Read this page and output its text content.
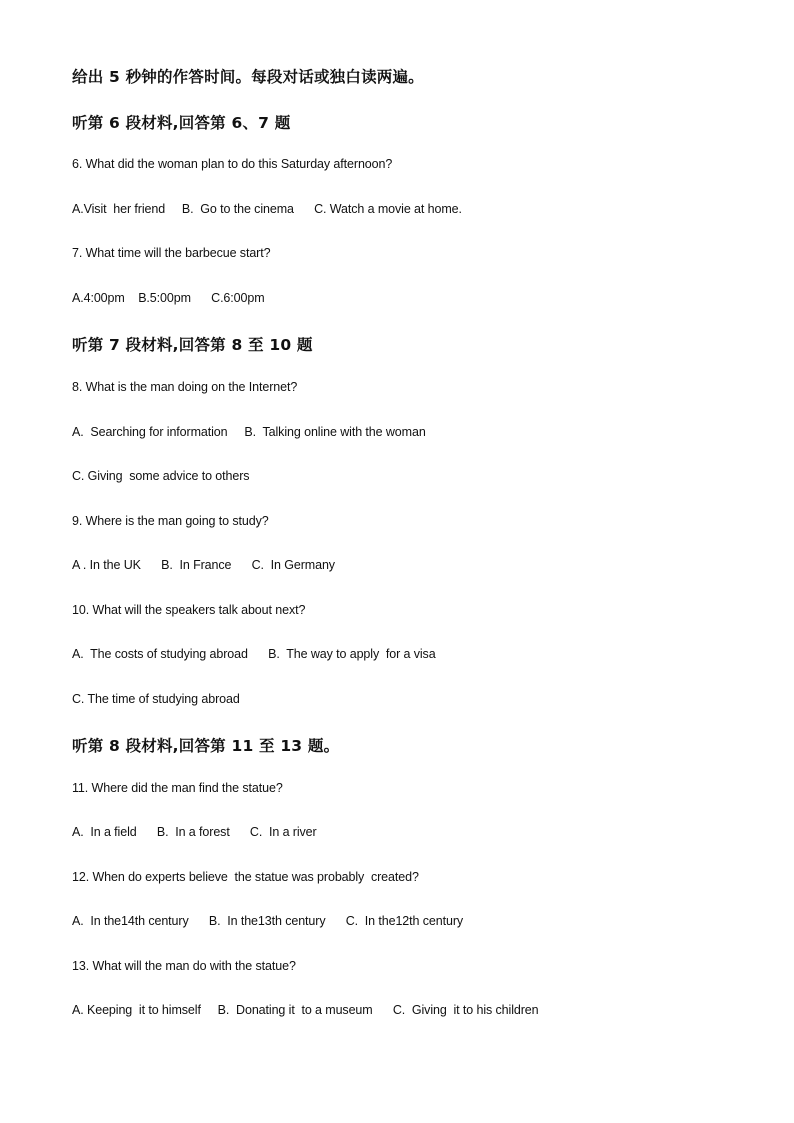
给出 5 秒钟的作答时间。每段对话或独白读两遍。
听第 6 段材料,回答第 6、7 题
6. What did the woman plan to do this Saturday afternoon?
A.Visit  her friend     B.  Go to the cinema      C. Watch a movie at home.
7. What time will the barbecue start?
A.4:00pm    B.5:00pm      C.6:00pm
听第 7 段材料,回答第 8 至 10 题
8. What is the man doing on the Internet?
A.  Searching for information     B.  Talking online with the woman
C. Giving  some advice to others
9. Where is the man going to study?
A . In the UK      B.  In France      C.  In Germany
10. What will the speakers talk about next?
A.  The costs of studying abroad      B.  The way to apply  for a visa
C. The time of studying abroad
听第 8 段材料,回答第 11 至 13 题。
11. Where did the man find the statue?
A.  In a field      B.  In a forest      C.  In a river
12. When do experts believe  the statue was probably  created?
A.  In the14th century      B.  In the13th century      C.  In the12th century
13. What will the man do with the statue?
A. Keeping  it to himself     B.  Donating it  to a museum      C.  Giving  it to his children
